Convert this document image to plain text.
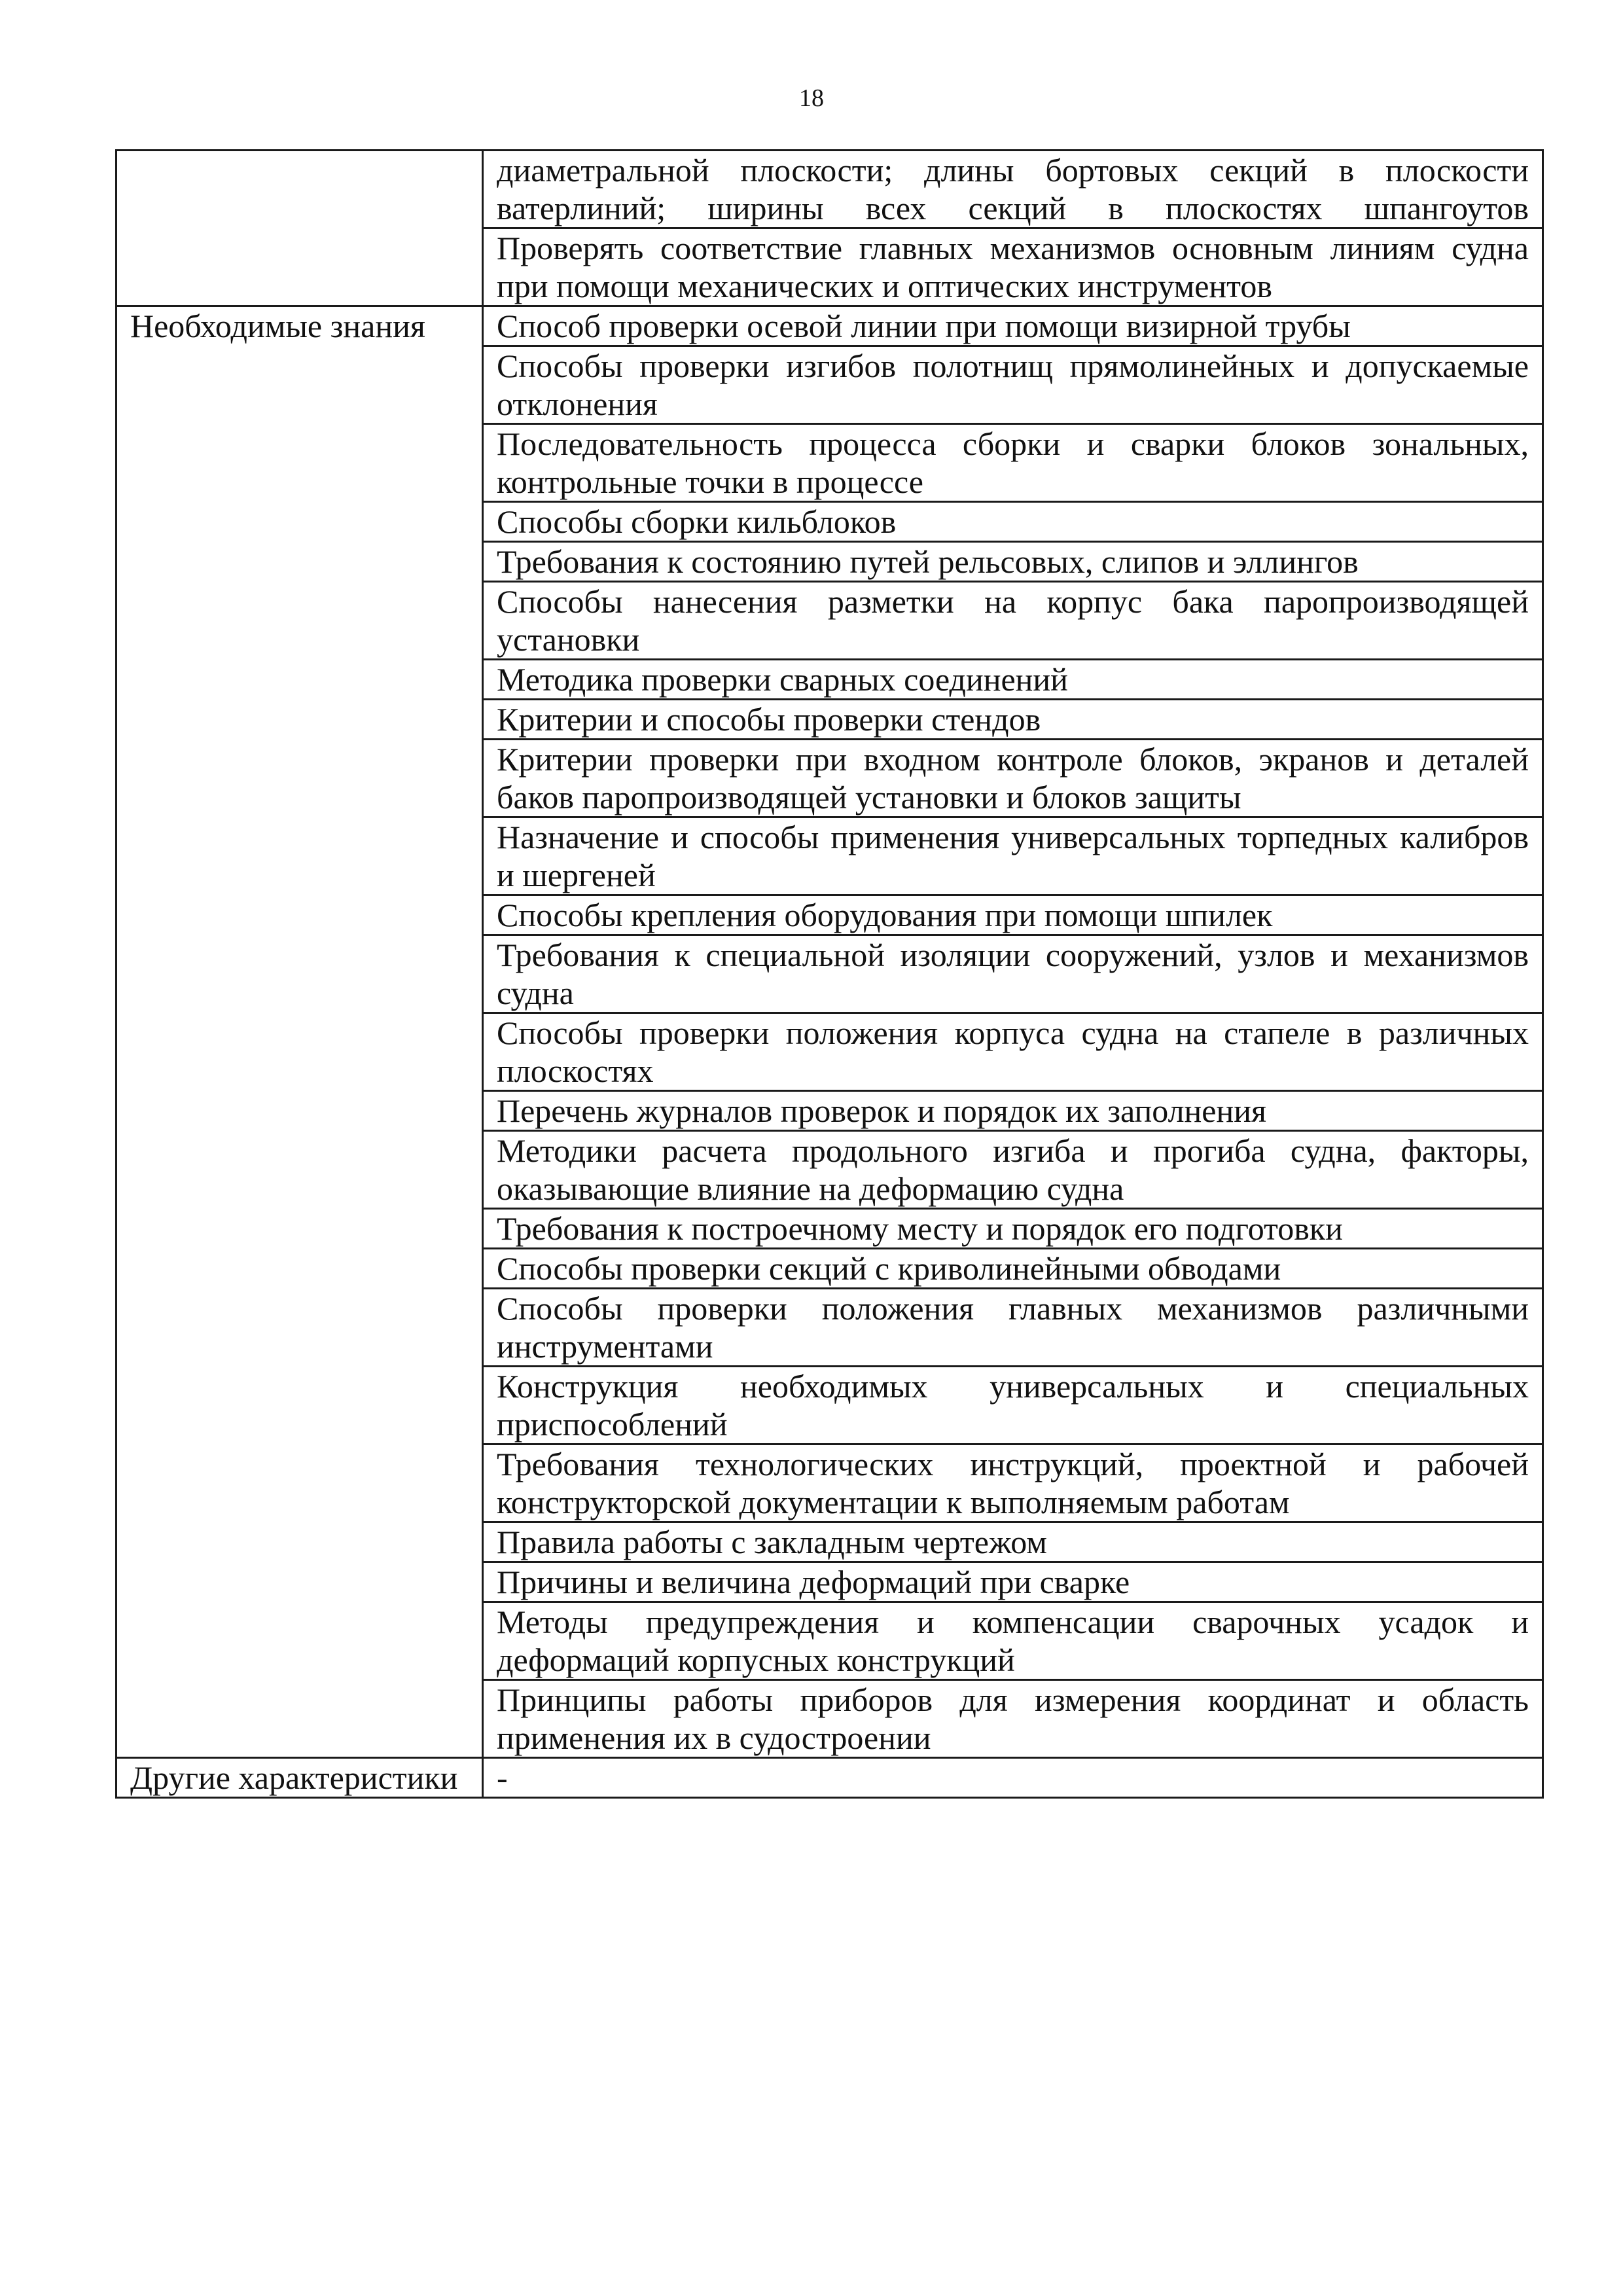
18
	диаметральной плоскости; длины бортовых секций в плоскости ватерлиний; ширины всех секций в плоскостях шпангоутов
	Проверять соответствие главных механизмов основным линиям судна при помощи механических и оптических инструментов
Необходимые знания	Способ проверки осевой линии при помощи визирной трубы
	Способы проверки изгибов полотнищ прямолинейных и допускаемые отклонения
	Последовательность процесса сборки и сварки блоков зональных, контрольные точки в процессе
	Способы сборки кильблоков
	Требования к состоянию путей рельсовых, слипов и эллингов
	Способы нанесения разметки на корпус бака паропроизводящей установки
	Методика проверки сварных соединений
	Критерии и способы проверки стендов
	Критерии проверки при входном контроле блоков, экранов и деталей баков паропроизводящей установки и блоков защиты
	Назначение и способы применения универсальных торпедных калибров и шергеней
	Способы крепления оборудования при помощи шпилек
	Требования к специальной изоляции сооружений, узлов и механизмов судна
	Способы проверки положения корпуса судна на стапеле в различных плоскостях
	Перечень журналов проверок и порядок их заполнения
	Методики расчета продольного изгиба и прогиба судна, факторы, оказывающие влияние на деформацию судна
	Требования к построечному месту и порядок его подготовки
	Способы проверки секций с криволинейными обводами
	Способы проверки положения главных механизмов различными инструментами
	Конструкция необходимых универсальных и специальных приспособлений
	Требования технологических инструкций, проектной и рабочей конструкторской документации к выполняемым работам
	Правила работы с закладным чертежом
	Причины и величина деформаций при сварке
	Методы предупреждения и компенсации сварочных усадок и деформаций корпусных конструкций
	Принципы работы приборов для измерения координат и область применения их в судостроении
Другие характеристики	-
